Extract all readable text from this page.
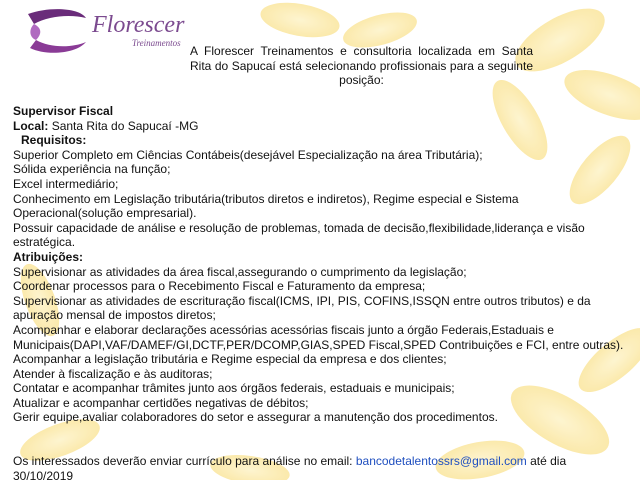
Florescer
Treinamentos
A Florescer Treinamentos e consultoria localizada em Santa Rita do Sapucaí está selecionando profissionais para a seguinte posição:

Supervisor Fiscal

Local: Santa Rita do Sapucaí -MG

Requisitos:

Superior Completo em Ciências Contábeis(desejável Especialização na área Tributária);

Sólida experiência na função;

Excel intermediário;

Conhecimento em Legislação tributária(tributos diretos e indiretos), Regime especial e Sistema Operacional(solução empresarial).

Possuir capacidade de análise e resolução de problemas, tomada de decisão,flexibilidade,liderança e visão estratégica.

Atribuições:

Supervisionar as atividades da área fiscal,assegurando o cumprimento da legislação;

Coordenar processos para o Recebimento Fiscal e Faturamento da empresa;

Supervisionar as atividades de escrituração fiscal(ICMS, IPI, PIS, COFINS,ISSQN entre outros tributos) e da apuração mensal de impostos diretos;

Acompanhar e elaborar declarações acessórias acessórias fiscais junto a órgão Federais,Estaduais e Municipais(DAPI,VAF/DAMEF/GI,DCTF,PER/DCOMP,GIAS,SPED Fiscal,SPED Contribuições e FCI, entre outras).

Acompanhar a legislação tributária e Regime especial da empresa e dos clientes;

Atender à fiscalização e às auditoras;

Contatar e acompanhar trâmites junto aos órgãos federais, estaduais e municipais;

Atualizar e acompanhar certidões negativas de débitos;

Gerir equipe,avaliar colaboradores do setor e assegurar a manutenção dos procedimentos.

Os interessados deverão enviar currículo para análise no email: bancodetalentossrs@gmail.com até dia 30/10/2019
